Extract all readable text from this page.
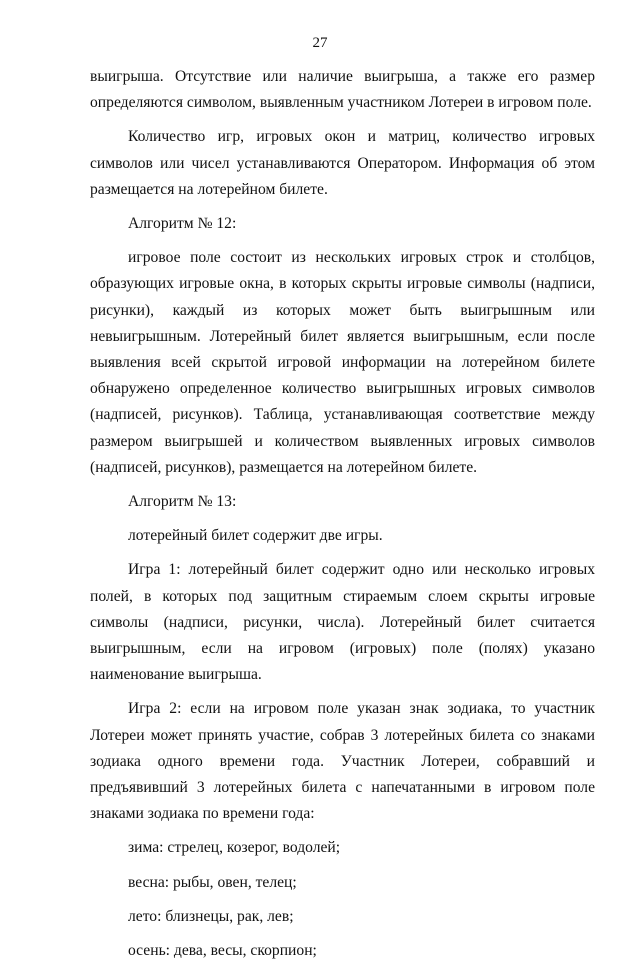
27

выигрыша. Отсутствие или наличие выигрыша, а также его размер определяются символом, выявленным участником Лотереи в игровом поле.

Количество игр, игровых окон и матриц, количество игровых символов или чисел устанавливаются Оператором. Информация об этом размещается на лотерейном билете.

Алгоритм № 12:

игровое поле состоит из нескольких игровых строк и столбцов, образующих игровые окна, в которых скрыты игровые символы (надписи, рисунки), каждый из которых может быть выигрышным или невыигрышным. Лотерейный билет является выигрышным, если после выявления всей скрытой игровой информации на лотерейном билете обнаружено определенное количество выигрышных игровых символов (надписей, рисунков). Таблица, устанавливающая соответствие между размером выигрышей и количеством выявленных игровых символов (надписей, рисунков), размещается на лотерейном билете.

Алгоритм № 13:

лотерейный билет содержит две игры.

Игра 1: лотерейный билет содержит одно или несколько игровых полей, в которых под защитным стираемым слоем скрыты игровые символы (надписи, рисунки, числа). Лотерейный билет считается выигрышным, если на игровом (игровых) поле (полях) указано наименование выигрыша.

Игра 2: если на игровом поле указан знак зодиака, то участник Лотереи может принять участие, собрав 3 лотерейных билета со знаками зодиака одного времени года. Участник Лотереи, собравший и предъявивший 3 лотерейных билета с напечатанными в игровом поле знаками зодиака по времени года:

зима: стрелец, козерог, водолей;

весна: рыбы, овен, телец;

лето: близнецы, рак, лев;

осень: дева, весы, скорпион;
